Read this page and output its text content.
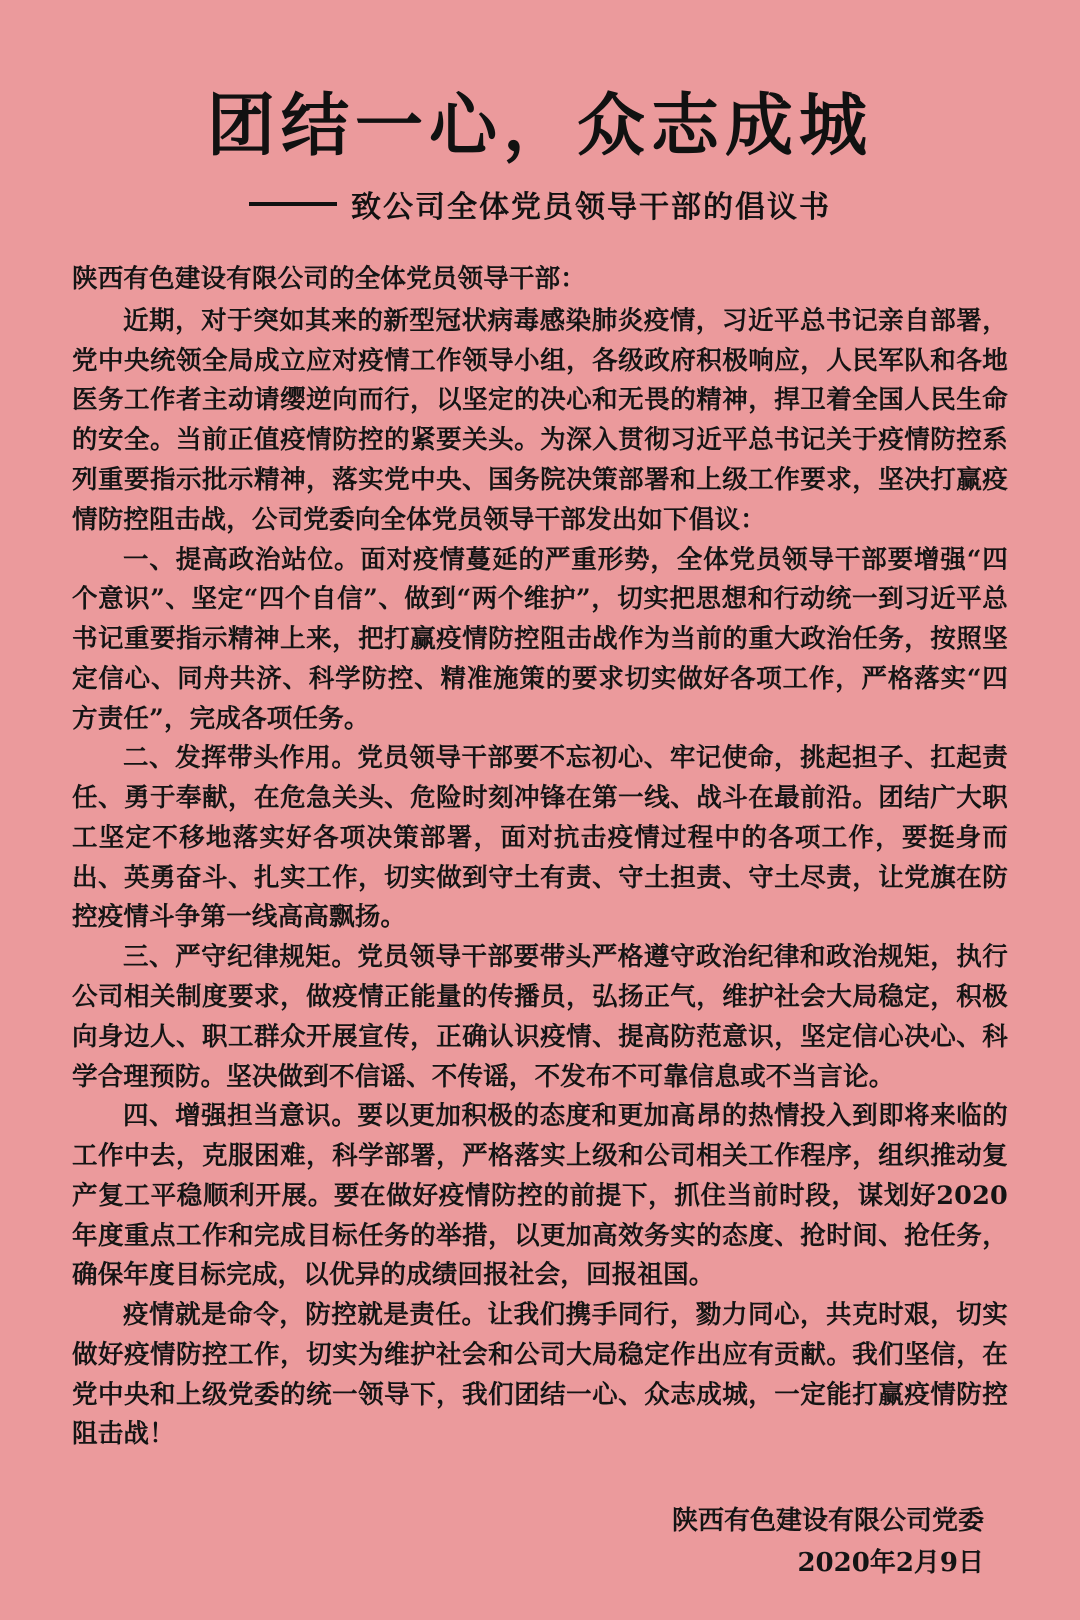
团结一心，众志成城
致公司全体党员领导干部的倡议书

陕西有色建设有限公司的全体党员领导干部：

近期，对于突如其来的新型冠状病毒感染肺炎疫情，习近平总书记亲自部署，党中央统领全局成立应对疫情工作领导小组，各级政府积极响应，人民军队和各地医务工作者主动请缨逆向而行，以坚定的决心和无畏的精神，捍卫着全国人民生命的安全。当前正值疫情防控的紧要关头。为深入贯彻习近平总书记关于疫情防控系列重要指示批示精神，落实党中央、国务院决策部署和上级工作要求，坚决打赢疫情防控阻击战，公司党委向全体党员领导干部发出如下倡议：

一、提高政治站位。面对疫情蔓延的严重形势，全体党员领导干部要增强“四个意识”、坚定“四个自信”、做到“两个维护”，切实把思想和行动统一到习近平总书记重要指示精神上来，把打赢疫情防控阻击战作为当前的重大政治任务，按照坚定信心、同舟共济、科学防控、精准施策的要求切实做好各项工作，严格落实“四方责任”，完成各项任务。

二、发挥带头作用。党员领导干部要不忘初心、牢记使命，挑起担子、扛起责任、勇于奉献，在危急关头、危险时刻冲锋在第一线、战斗在最前沿。团结广大职工坚定不移地落实好各项决策部署，面对抗击疫情过程中的各项工作，要挺身而出、英勇奋斗、扎实工作，切实做到守土有责、守土担责、守土尽责，让党旗在防控疫情斗争第一线高高飘扬。

三、严守纪律规矩。党员领导干部要带头严格遵守政治纪律和政治规矩，执行公司相关制度要求，做疫情正能量的传播员，弘扬正气，维护社会大局稳定，积极向身边人、职工群众开展宣传，正确认识疫情、提高防范意识，坚定信心决心、科学合理预防。坚决做到不信谣、不传谣，不发布不可靠信息或不当言论。

四、增强担当意识。要以更加积极的态度和更加高昂的热情投入到即将来临的工作中去，克服困难，科学部署，严格落实上级和公司相关工作程序，组织推动复产复工平稳顺利开展。要在做好疫情防控的前提下，抓住当前时段，谋划好2020年度重点工作和完成目标任务的举措，以更加高效务实的态度、抢时间、抢任务，确保年度目标完成，以优异的成绩回报社会，回报祖国。

疫情就是命令，防控就是责任。让我们携手同行，勠力同心，共克时艰，切实做好疫情防控工作，切实为维护社会和公司大局稳定作出应有贡献。我们坚信，在党中央和上级党委的统一领导下，我们团结一心、众志成城，一定能打赢疫情防控阻击战！

陕西有色建设有限公司党委
2020年2月9日
